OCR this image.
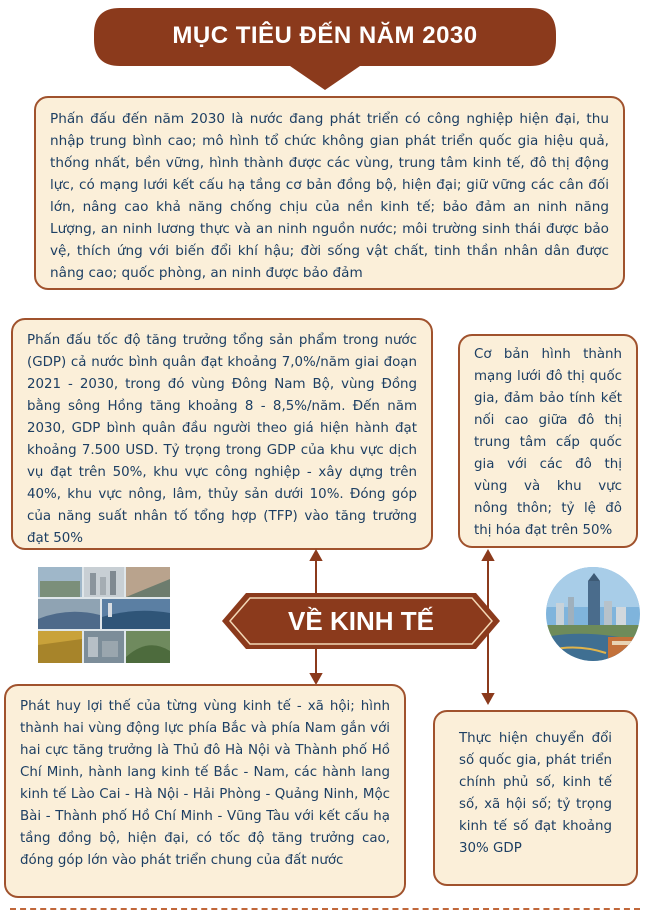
MỤC TIÊU ĐẾN NĂM 2030

Phấn đấu đến năm 2030 là nước đang phát triển có công nghiệp hiện đại, thu nhập trung bình cao; mô hình tổ chức không gian phát triển quốc gia hiệu quả, thống nhất, bền vững, hình thành được các vùng, trung tâm kinh tế, đô thị động lực, có mạng lưới kết cấu hạ tầng cơ bản đồng bộ, hiện đại; giữ vững các cân đối lớn, nâng cao khả năng chống chịu của nền kinh tế; bảo đảm an ninh năng Lượng, an ninh lương thực và an ninh nguồn nước; môi trường sinh thái được bảo vệ, thích ứng với biến đổi khí hậu; đời sống vật chất, tinh thần nhân dân được nâng cao; quốc phòng, an ninh được bảo đảm

Phấn đấu tốc độ tăng trưởng tổng sản phẩm trong nước (GDP) cả nước bình quân đạt khoảng 7,0%/năm giai đoạn 2021 - 2030, trong đó vùng Đông Nam Bộ, vùng Đồng bằng sông Hồng tăng khoảng 8 - 8,5%/năm. Đến năm 2030, GDP bình quân đầu người theo giá hiện hành đạt khoảng 7.500 USD. Tỷ trọng trong GDP của khu vực dịch vụ đạt trên 50%, khu vực công nghiệp - xây dựng trên 40%, khu vực nông, lâm, thủy sản dưới 10%. Đóng góp của năng suất nhân tố tổng hợp (TFP) vào tăng trưởng đạt 50%

Cơ bản hình thành mạng lưới đô thị quốc gia, đảm bảo tính kết nối cao giữa đô thị trung tâm cấp quốc gia với các đô thị vùng và khu vực nông thôn; tỷ lệ đô thị hóa đạt trên 50%

VỀ KINH TẾ

Phát huy lợi thế của từng vùng kinh tế - xã hội; hình thành hai vùng động lực phía Bắc và phía Nam gắn với hai cực tăng trưởng là Thủ đô Hà Nội và Thành phố Hồ Chí Minh, hành lang kinh tế Bắc - Nam, các hành lang kinh tế Lào Cai - Hà Nội - Hải Phòng - Quảng Ninh, Mộc Bài - Thành phố Hồ Chí Minh - Vũng Tàu với kết cấu hạ tầng đồng bộ, hiện đại, có tốc độ tăng trưởng cao, đóng góp lớn vào phát triển chung của đất nước

Thực hiện chuyển đổi số quốc gia, phát triển chính phủ số, kinh tế số, xã hội số; tỷ trọng kinh tế số đạt khoảng 30% GDP
